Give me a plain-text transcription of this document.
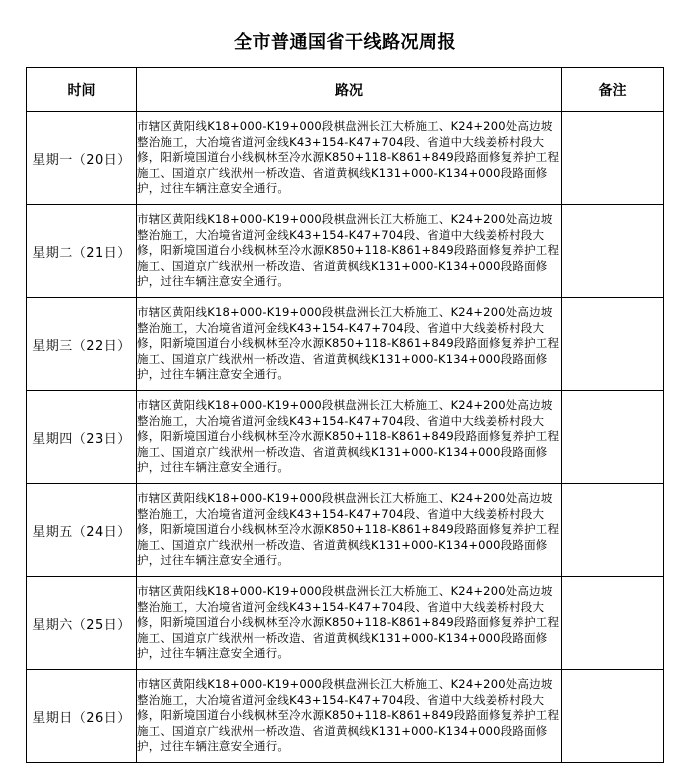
全市普通国省干线路况周报
时间	路况	备注
星期一（20日）	市辖区黄阳线K18+000-K19+000段棋盘洲长江大桥施工、K24+200处高边坡整治施工，大冶境省道河金线K43+154-K47+704段、省道中大线姜桥村段大修，阳新境国道台小线枫林至冷水源K850+118-K861+849段路面修复养护工程施工、国道京广线洑州一桥改造、省道黄枫线K131+000-K134+000段路面修护，过往车辆注意安全通行。	
星期二（21日）	市辖区黄阳线K18+000-K19+000段棋盘洲长江大桥施工、K24+200处高边坡整治施工，大冶境省道河金线K43+154-K47+704段、省道中大线姜桥村段大修，阳新境国道台小线枫林至冷水源K850+118-K861+849段路面修复养护工程施工、国道京广线洑州一桥改造、省道黄枫线K131+000-K134+000段路面修护，过往车辆注意安全通行。	
星期三（22日）	市辖区黄阳线K18+000-K19+000段棋盘洲长江大桥施工、K24+200处高边坡整治施工，大冶境省道河金线K43+154-K47+704段、省道中大线姜桥村段大修，阳新境国道台小线枫林至冷水源K850+118-K861+849段路面修复养护工程施工、国道京广线洑州一桥改造、省道黄枫线K131+000-K134+000段路面修护，过往车辆注意安全通行。	
星期四（23日）	市辖区黄阳线K18+000-K19+000段棋盘洲长江大桥施工、K24+200处高边坡整治施工，大冶境省道河金线K43+154-K47+704段、省道中大线姜桥村段大修，阳新境国道台小线枫林至冷水源K850+118-K861+849段路面修复养护工程施工、国道京广线洑州一桥改造、省道黄枫线K131+000-K134+000段路面修护，过往车辆注意安全通行。	
星期五（24日）	市辖区黄阳线K18+000-K19+000段棋盘洲长江大桥施工、K24+200处高边坡整治施工，大冶境省道河金线K43+154-K47+704段、省道中大线姜桥村段大修，阳新境国道台小线枫林至冷水源K850+118-K861+849段路面修复养护工程施工、国道京广线洑州一桥改造、省道黄枫线K131+000-K134+000段路面修护，过往车辆注意安全通行。	
星期六（25日）	市辖区黄阳线K18+000-K19+000段棋盘洲长江大桥施工、K24+200处高边坡整治施工，大冶境省道河金线K43+154-K47+704段、省道中大线姜桥村段大修，阳新境国道台小线枫林至冷水源K850+118-K861+849段路面修复养护工程施工、国道京广线洑州一桥改造、省道黄枫线K131+000-K134+000段路面修护，过往车辆注意安全通行。	
星期日（26日）	市辖区黄阳线K18+000-K19+000段棋盘洲长江大桥施工、K24+200处高边坡整治施工，大冶境省道河金线K43+154-K47+704段、省道中大线姜桥村段大修，阳新境国道台小线枫林至冷水源K850+118-K861+849段路面修复养护工程施工、国道京广线洑州一桥改造、省道黄枫线K131+000-K134+000段路面修护，过往车辆注意安全通行。	
